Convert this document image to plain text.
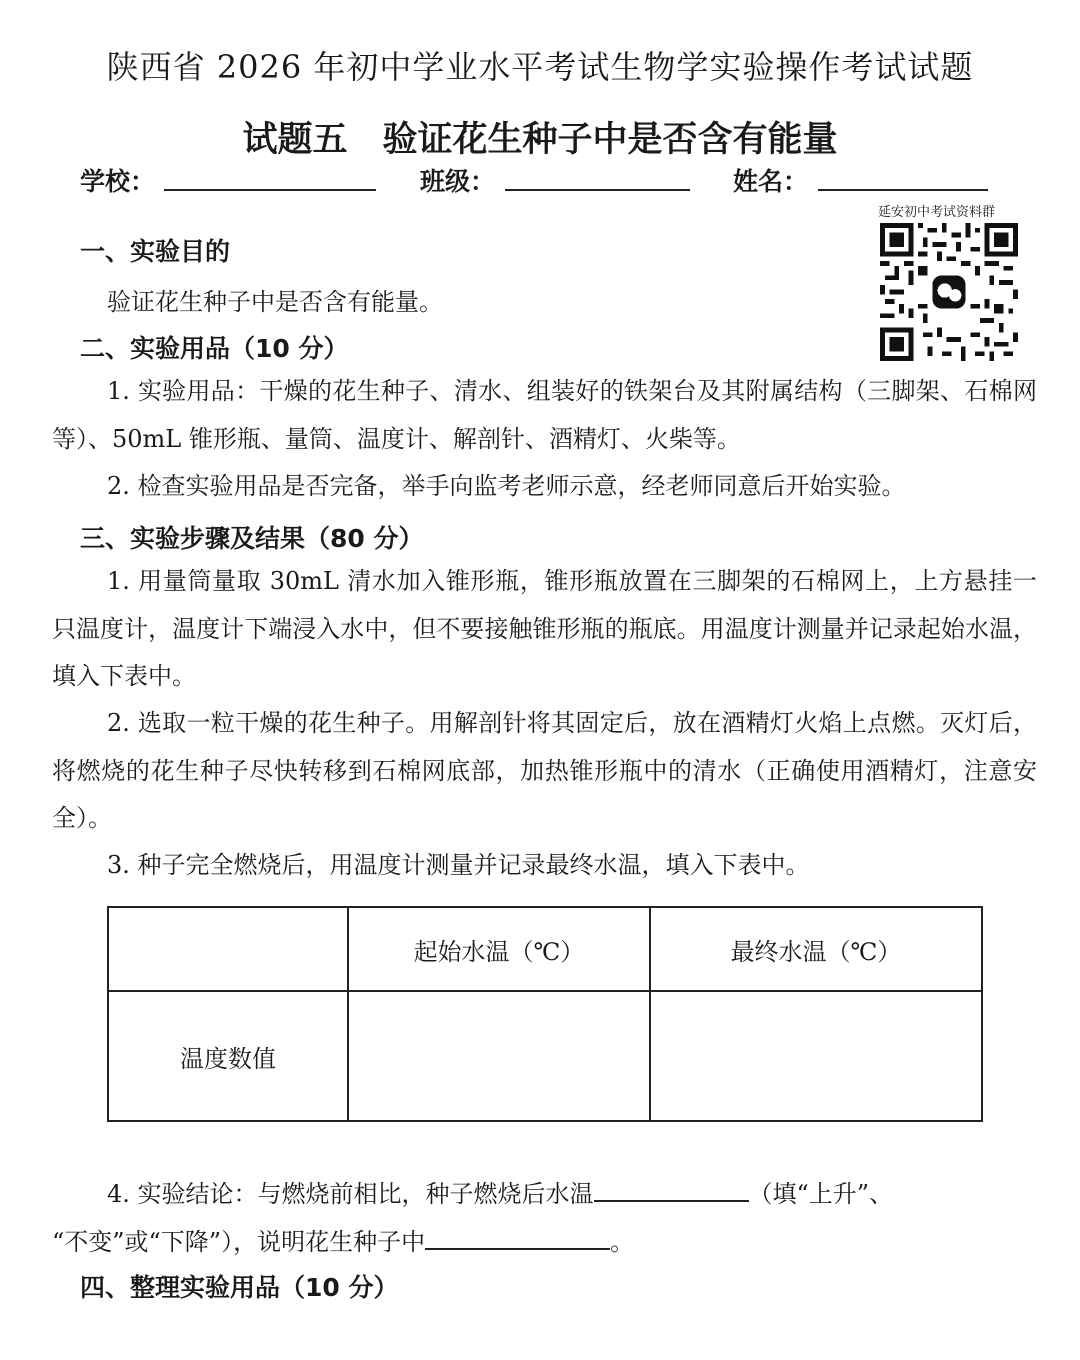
陕西省 2026 年初中学业水平考试生物学实验操作考试试题
试题五　验证花生种子中是否含有能量
学校：	班级：	姓名：
延安初中考试资料群
一、实验目的
验证花生种子中是否含有能量。
二、实验用品（10 分）
1. 实验用品：干燥的花生种子、清水、组装好的铁架台及其附属结构（三脚架、石棉网等）、50mL 锥形瓶、量筒、温度计、解剖针、酒精灯、火柴等。
2. 检查实验用品是否完备，举手向监考老师示意，经老师同意后开始实验。
三、实验步骤及结果（80 分）
1. 用量筒量取 30mL 清水加入锥形瓶，锥形瓶放置在三脚架的石棉网上，上方悬挂一只温度计，温度计下端浸入水中，但不要接触锥形瓶的瓶底。用温度计测量并记录起始水温，填入下表中。
2. 选取一粒干燥的花生种子。用解剖针将其固定后，放在酒精灯火焰上点燃。灭灯后，将燃烧的花生种子尽快转移到石棉网底部，加热锥形瓶中的清水（正确使用酒精灯，注意安全）。
3. 种子完全燃烧后，用温度计测量并记录最终水温，填入下表中。
	起始水温（℃）	最终水温（℃）
温度数值		
4. 实验结论：与燃烧前相比，种子燃烧后水温	（填“上升”、
“不变”或“下降”），说明花生种子中	。
四、整理实验用品（10 分）
